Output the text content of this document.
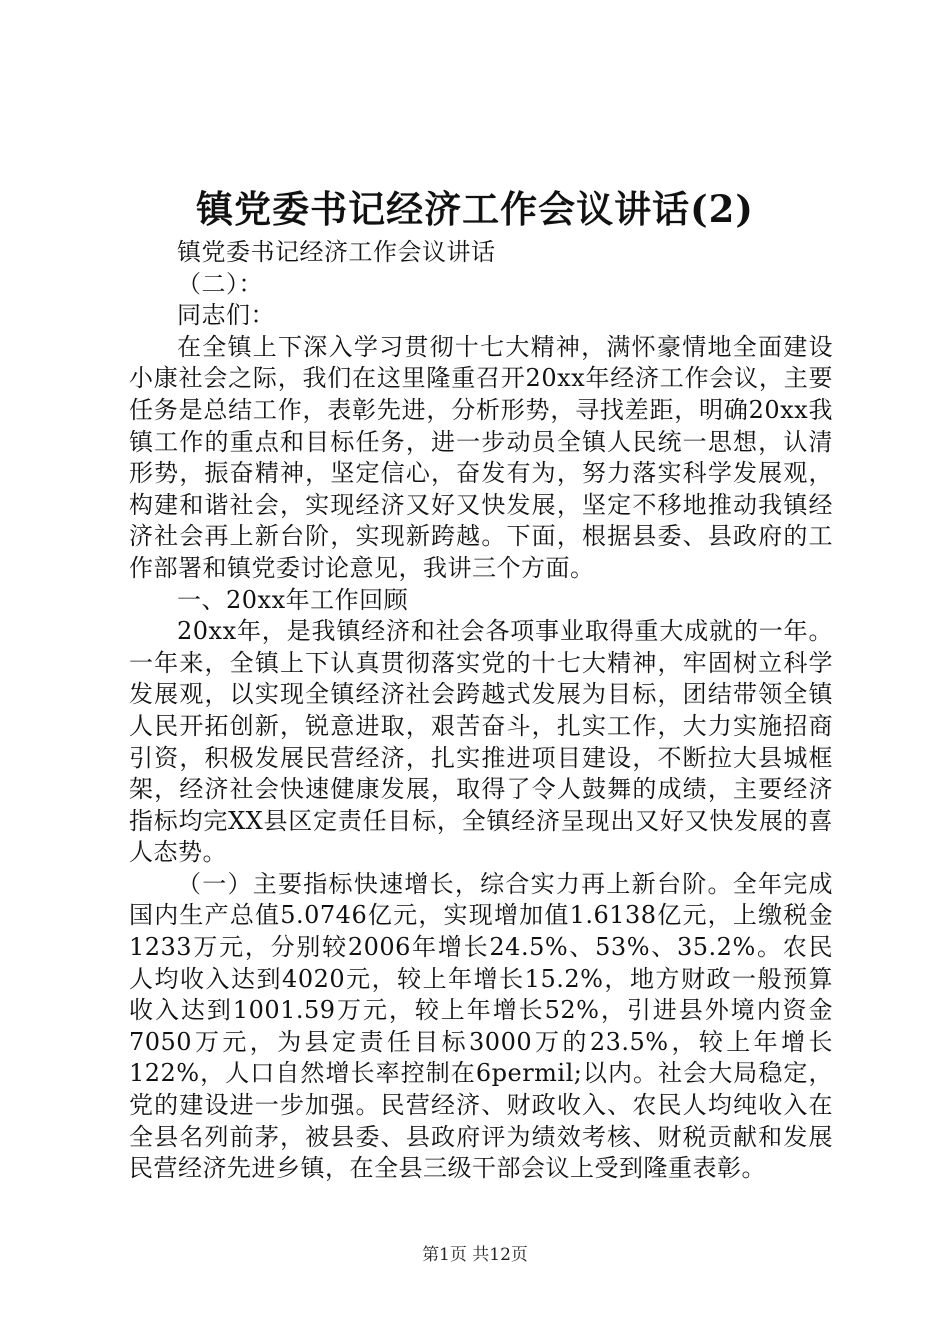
镇党委书记经济工作会议讲话(2)

镇党委书记经济工作会议讲话

（二）：

同志们：

在全镇上下深入学习贯彻十七大精神，满怀豪情地全面建设小康社会之际，我们在这里隆重召开20xx年经济工作会议，主要任务是总结工作，表彰先进，分析形势，寻找差距，明确20xx我镇工作的重点和目标任务，进一步动员全镇人民统一思想，认清形势，振奋精神，坚定信心，奋发有为，努力落实科学发展观，构建和谐社会，实现经济又好又快发展，坚定不移地推动我镇经济社会再上新台阶，实现新跨越。下面，根据县委、县政府的工作部署和镇党委讨论意见，我讲三个方面。

一、20xx年工作回顾

20xx年，是我镇经济和社会各项事业取得重大成就的一年。一年来，全镇上下认真贯彻落实党的十七大精神，牢固树立科学发展观，以实现全镇经济社会跨越式发展为目标，团结带领全镇人民开拓创新，锐意进取，艰苦奋斗，扎实工作，大力实施招商引资，积极发展民营经济，扎实推进项目建设，不断拉大县城框架，经济社会快速健康发展，取得了令人鼓舞的成绩，主要经济指标均完XX县区定责任目标，全镇经济呈现出又好又快发展的喜人态势。

（一）主要指标快速增长，综合实力再上新台阶。全年完成国内生产总值5.0746亿元，实现增加值1.6138亿元，上缴税金1233万元，分别较2006年增长24.5%、53%、35.2%。农民人均收入达到4020元，较上年增长15.2%，地方财政一般预算收入达到1001.59万元，较上年增长52%，引进县外境内资金7050万元，为县定责任目标3000万的23.5%，较上年增长122%，人口自然增长率控制在6permil;以内。社会大局稳定，党的建设进一步加强。民营经济、财政收入、农民人均纯收入在全县名列前茅，被县委、县政府评为绩效考核、财税贡献和发展民营经济先进乡镇，在全县三级干部会议上受到隆重表彰。

第1页 共12页
